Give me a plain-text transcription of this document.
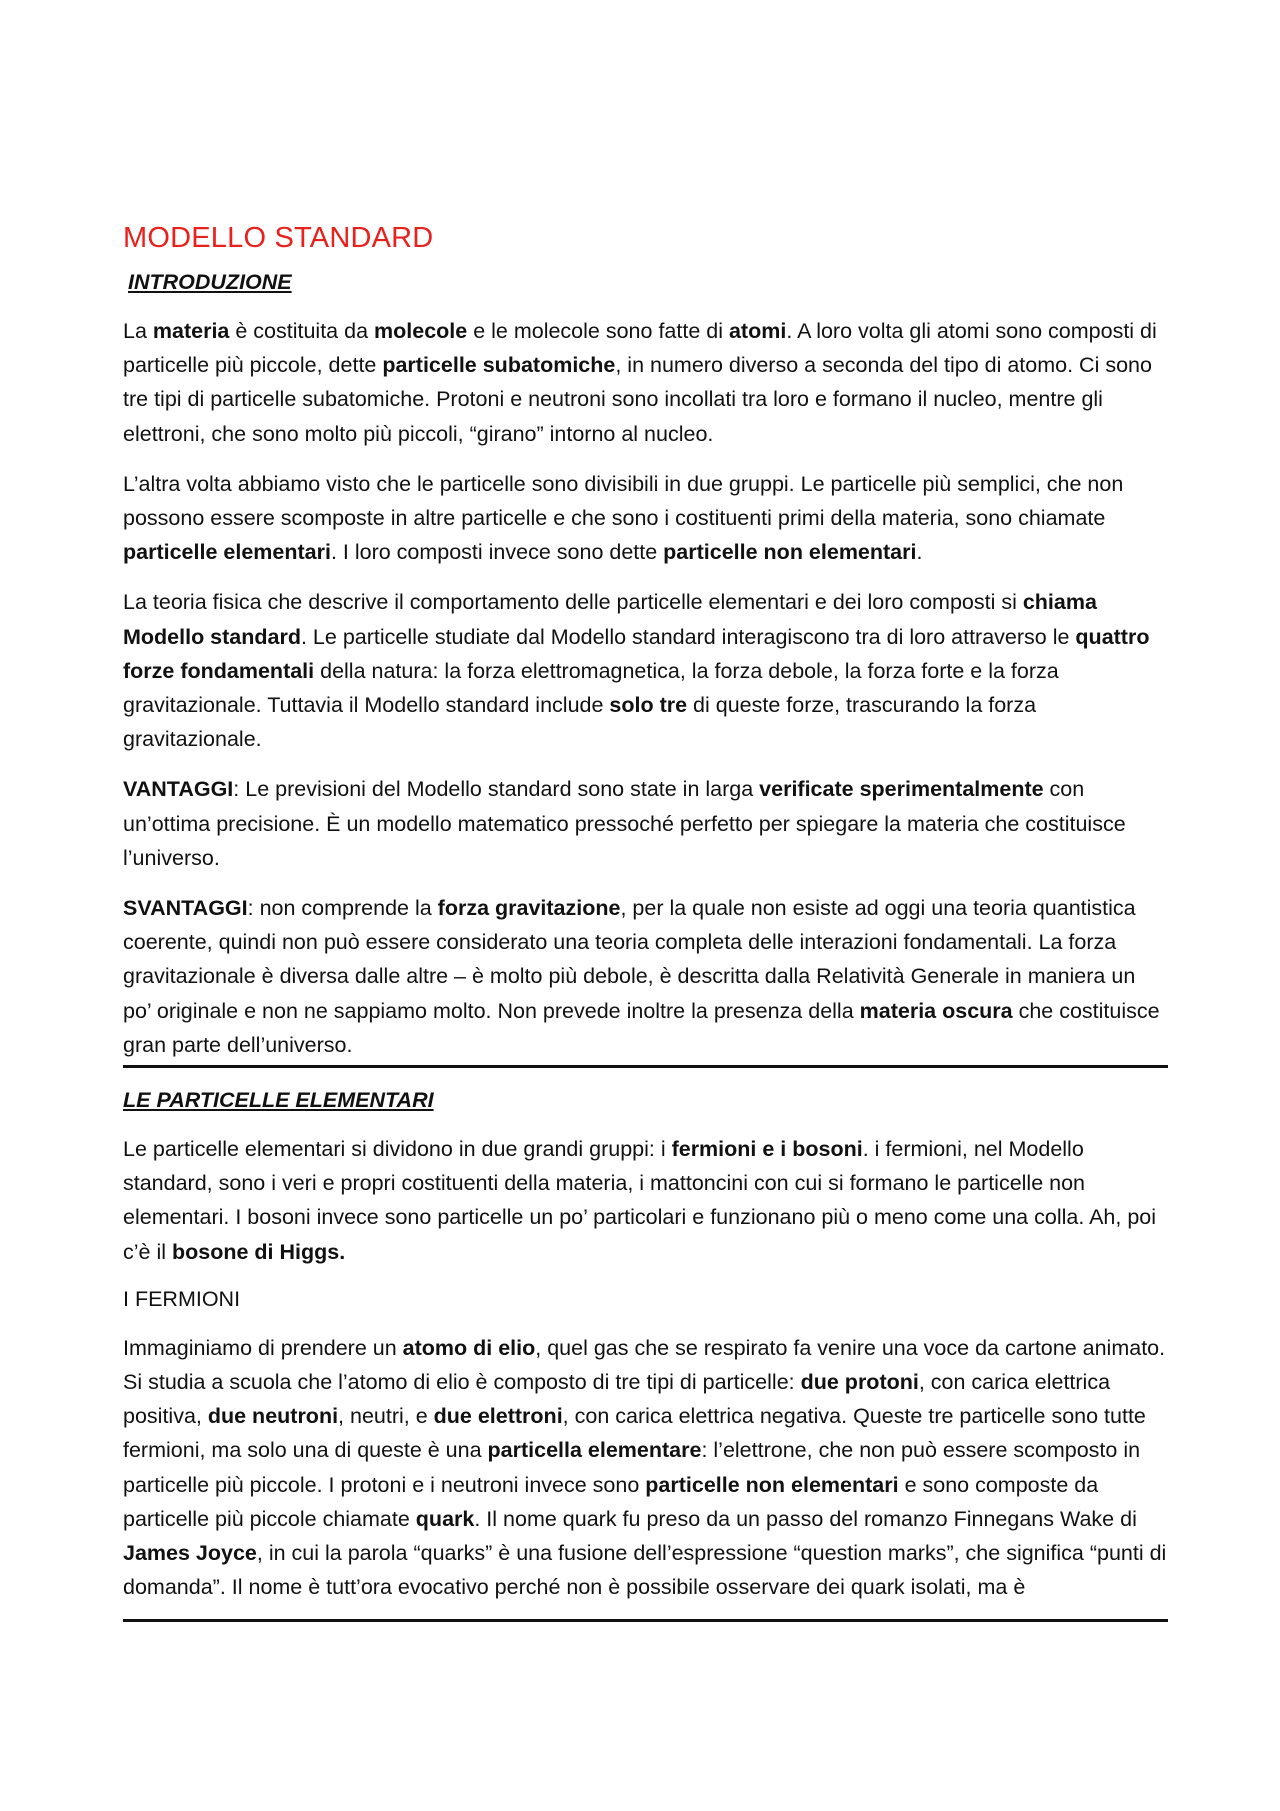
MODELLO STANDARD
INTRODUZIONE

La materia è costituita da molecole e le molecole sono fatte di atomi. A loro volta gli atomi sono composti di particelle più piccole, dette particelle subatomiche, in numero diverso a seconda del tipo di atomo. Ci sono tre tipi di particelle subatomiche. Protoni e neutroni sono incollati tra loro e formano il nucleo, mentre gli elettroni, che sono molto più piccoli, “girano” intorno al nucleo.

L’altra volta abbiamo visto che le particelle sono divisibili in due gruppi. Le particelle più semplici, che non possono essere scomposte in altre particelle e che sono i costituenti primi della materia, sono chiamate particelle elementari. I loro composti invece sono dette particelle non elementari.

La teoria fisica che descrive il comportamento delle particelle elementari e dei loro composti si chiama Modello standard. Le particelle studiate dal Modello standard interagiscono tra di loro attraverso le quattro forze fondamentali della natura: la forza elettromagnetica, la forza debole, la forza forte e la forza gravitazionale. Tuttavia il Modello standard include solo tre di queste forze, trascurando la forza gravitazionale.

VANTAGGI: Le previsioni del Modello standard sono state in larga verificate sperimentalmente con un’ottima precisione. È un modello matematico pressoché perfetto per spiegare la materia che costituisce l’universo.

SVANTAGGI: non comprende la forza gravitazione, per la quale non esiste ad oggi una teoria quantistica coerente, quindi non può essere considerato una teoria completa delle interazioni fondamentali. La forza gravitazionale è diversa dalle altre – è molto più debole, è descritta dalla Relatività Generale in maniera un po’ originale e non ne sappiamo molto. Non prevede inoltre la presenza della materia oscura che costituisce gran parte dell’universo.

LE PARTICELLE ELEMENTARI

Le particelle elementari si dividono in due grandi gruppi: i fermioni e i bosoni. i fermioni, nel Modello standard, sono i veri e propri costituenti della materia, i mattoncini con cui si formano le particelle non elementari. I bosoni invece sono particelle un po’ particolari e funzionano più o meno come una colla. Ah, poi c’è il bosone di Higgs.

I FERMIONI

Immaginiamo di prendere un atomo di elio, quel gas che se respirato fa venire una voce da cartone animato. Si studia a scuola che l’atomo di elio è composto di tre tipi di particelle: due protoni, con carica elettrica positiva, due neutroni, neutri, e due elettroni, con carica elettrica negativa. Queste tre particelle sono tutte fermioni, ma solo una di queste è una particella elementare: l’elettrone, che non può essere scomposto in particelle più piccole. I protoni e i neutroni invece sono particelle non elementari e sono composte da particelle più piccole chiamate quark. Il nome quark fu preso da un passo del romanzo Finnegans Wake di James Joyce, in cui la parola “quarks” è una fusione dell’espressione “question marks”, che significa “punti di domanda”. Il nome è tutt’ora evocativo perché non è possibile osservare dei quark isolati, ma è
